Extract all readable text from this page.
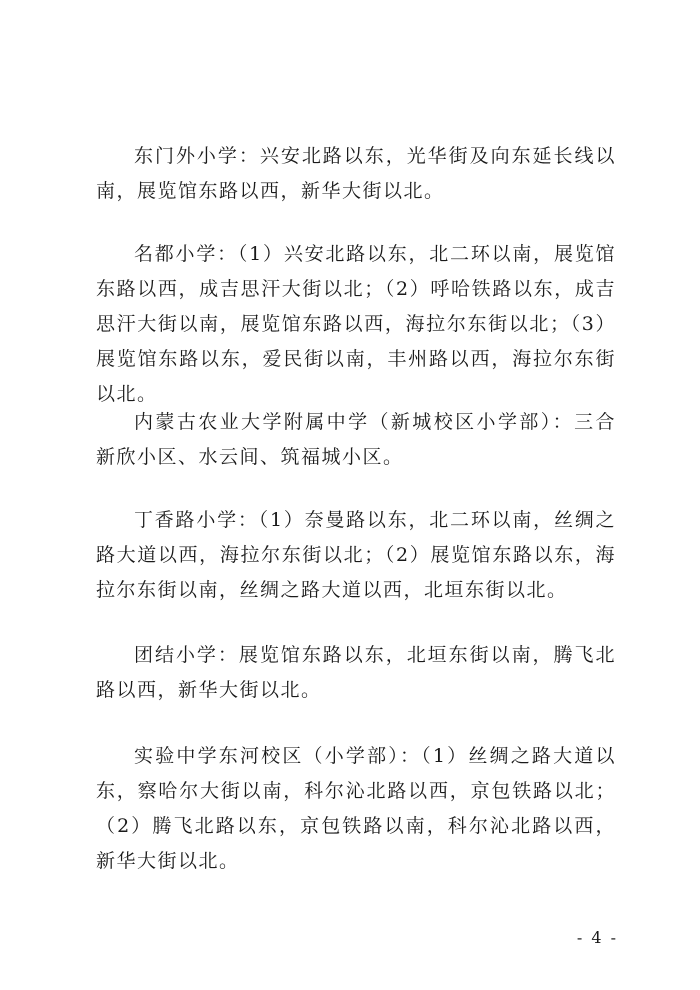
东门外小学：兴安北路以东，光华街及向东延长线以南，展览馆东路以西，新华大街以北。

名都小学：（1）兴安北路以东，北二环以南，展览馆东路以西，成吉思汗大街以北；（2）呼哈铁路以东，成吉思汗大街以南，展览馆东路以西，海拉尔东街以北；（3）展览馆东路以东，爱民街以南，丰州路以西，海拉尔东街以北。

内蒙古农业大学附属中学（新城校区小学部）：三合新欣小区、水云间、筑福城小区。

丁香路小学：（1）奈曼路以东，北二环以南，丝绸之路大道以西，海拉尔东街以北；（2）展览馆东路以东，海拉尔东街以南，丝绸之路大道以西，北垣东街以北。

团结小学：展览馆东路以东，北垣东街以南，腾飞北路以西，新华大街以北。

实验中学东河校区（小学部）：（1）丝绸之路大道以东，察哈尔大街以南，科尔沁北路以西，京包铁路以北；（2）腾飞北路以东，京包铁路以南，科尔沁北路以西，新华大街以北。

- 4 -
